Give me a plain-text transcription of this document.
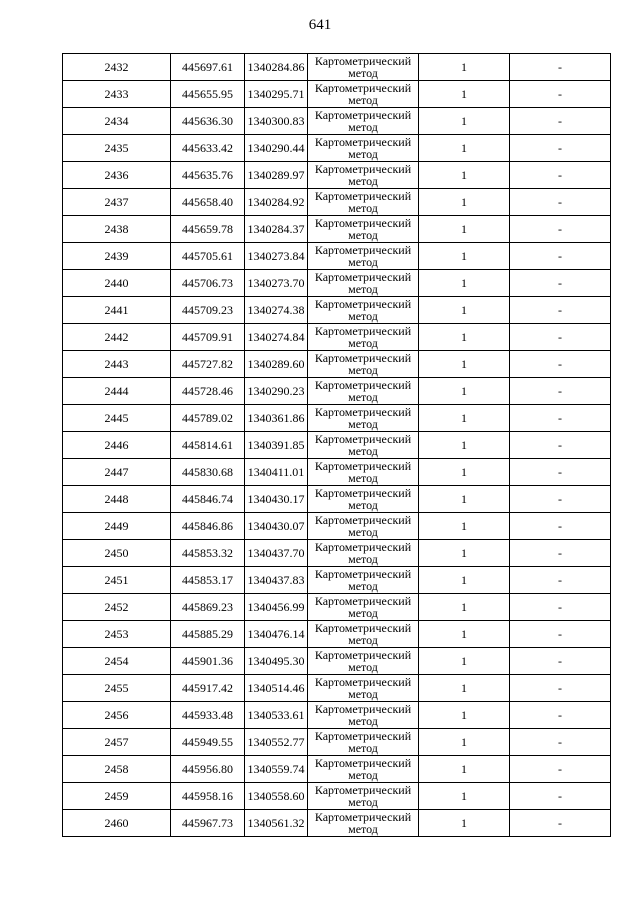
641
2432	445697.61	1340284.86	Картометрический
метод	1	-
2433	445655.95	1340295.71	Картометрический
метод	1	-
2434	445636.30	1340300.83	Картометрический
метод	1	-
2435	445633.42	1340290.44	Картометрический
метод	1	-
2436	445635.76	1340289.97	Картометрический
метод	1	-
2437	445658.40	1340284.92	Картометрический
метод	1	-
2438	445659.78	1340284.37	Картометрический
метод	1	-
2439	445705.61	1340273.84	Картометрический
метод	1	-
2440	445706.73	1340273.70	Картометрический
метод	1	-
2441	445709.23	1340274.38	Картометрический
метод	1	-
2442	445709.91	1340274.84	Картометрический
метод	1	-
2443	445727.82	1340289.60	Картометрический
метод	1	-
2444	445728.46	1340290.23	Картометрический
метод	1	-
2445	445789.02	1340361.86	Картометрический
метод	1	-
2446	445814.61	1340391.85	Картометрический
метод	1	-
2447	445830.68	1340411.01	Картометрический
метод	1	-
2448	445846.74	1340430.17	Картометрический
метод	1	-
2449	445846.86	1340430.07	Картометрический
метод	1	-
2450	445853.32	1340437.70	Картометрический
метод	1	-
2451	445853.17	1340437.83	Картометрический
метод	1	-
2452	445869.23	1340456.99	Картометрический
метод	1	-
2453	445885.29	1340476.14	Картометрический
метод	1	-
2454	445901.36	1340495.30	Картометрический
метод	1	-
2455	445917.42	1340514.46	Картометрический
метод	1	-
2456	445933.48	1340533.61	Картометрический
метод	1	-
2457	445949.55	1340552.77	Картометрический
метод	1	-
2458	445956.80	1340559.74	Картометрический
метод	1	-
2459	445958.16	1340558.60	Картометрический
метод	1	-
2460	445967.73	1340561.32	Картометрический
метод	1	-
